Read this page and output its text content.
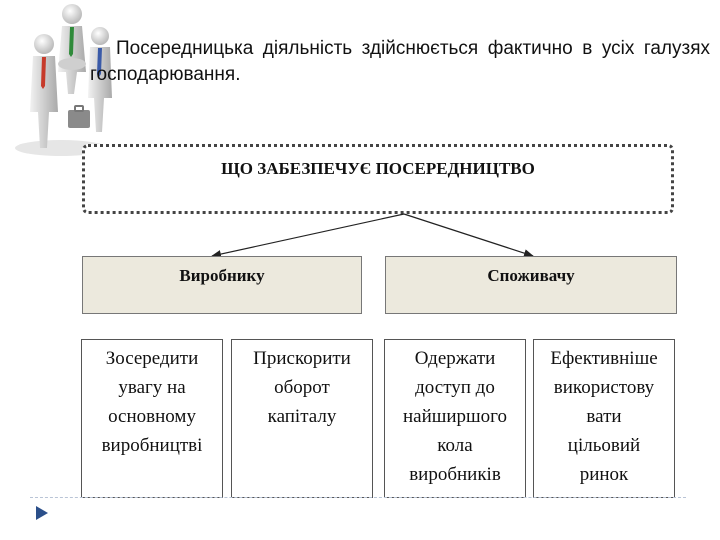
Посередницька діяльність здійснюється фактично в усіх галузях господарювання.
ЩО ЗАБЕЗПЕЧУЄ ПОСЕРЕДНИЦТВО
Виробнику	Споживачу
Зосередити
увагу на
основному
виробництві
Прискорити
оборот
капіталу
Одержати
доступ до
найширшого
кола
виробників
Ефективніше
використову
вати
цільовий
ринок
